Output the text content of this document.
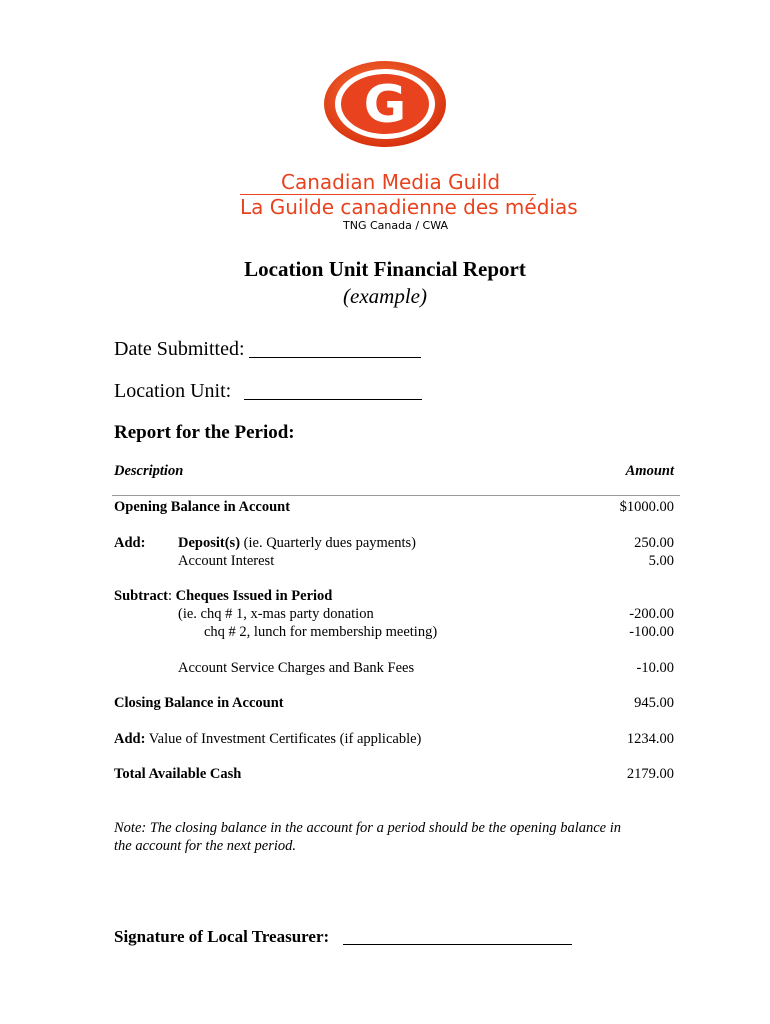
G
Canadian Media Guild
La Guilde canadienne des médias
TNG Canada / CWA
Location Unit Financial Report
(example)
Date Submitted:
Location Unit:
Report for the Period:
Description	Amount
Opening Balance in Account	$1000.00
Add: Deposit(s) (ie. Quarterly dues payments)	250.00
Account Interest	5.00
Subtract: Cheques Issued in Period
(ie. chq # 1, x-mas party donation	-200.00
chq # 2, lunch for membership meeting)	-100.00
Account Service Charges and Bank Fees	-10.00
Closing Balance in Account	945.00
Add: Value of Investment Certificates (if applicable)	1234.00
Total Available Cash	2179.00
Note: The closing balance in the account for a period should be the opening balance in
the account for the next period.
Signature of Local Treasurer:
